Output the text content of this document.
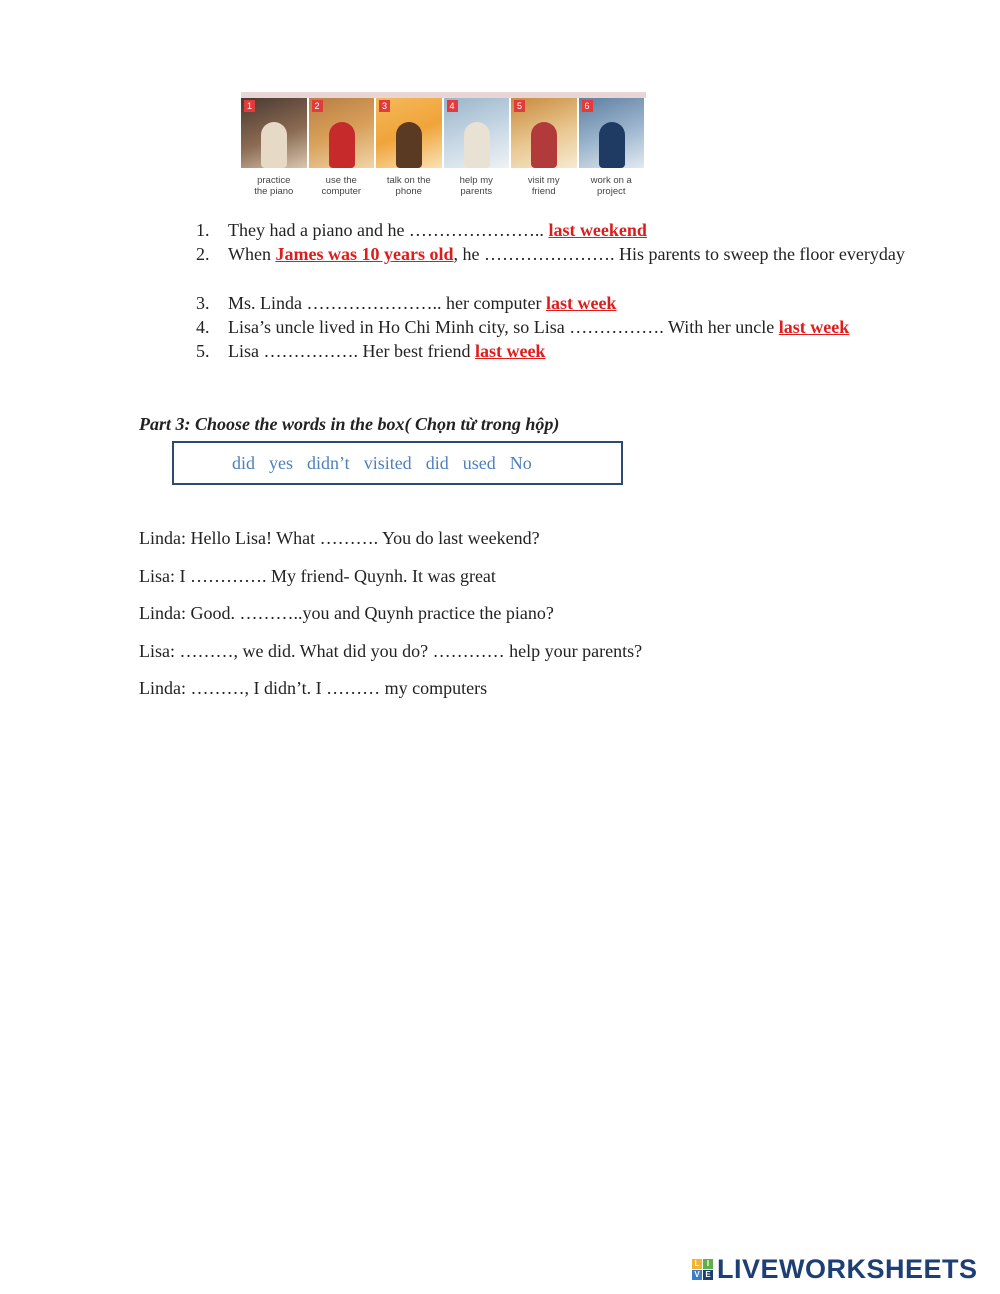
1
practice
the piano
2
use the
computer
3
talk on the
phone
4
help my
parents
5
visit my
friend
6
work on a
project
1.	They had a piano and he ………………….. last weekend
2.	When James was 10 years old, he …………………. His parents to sweep the floor everyday
3.	Ms. Linda ………………….. her computer last week
4.	Lisa’s uncle lived in Ho Chi Minh city, so Lisa ……………. With her uncle last week
5.	Lisa ……………. Her best friend last week
Part 3: Choose the words in the box( Chọn từ trong hộp)
did yes didn’t visited did used No
Linda: Hello Lisa! What ………. You do last weekend?
Lisa: I …………. My friend- Quynh. It was great
Linda: Good. ………..you and Quynh practice the piano?
Lisa: ………, we did. What did you do? ………… help your parents?
Linda: ………, I didn’t. I ……… my computers
L I
V E LIVEWORKSHEETS
